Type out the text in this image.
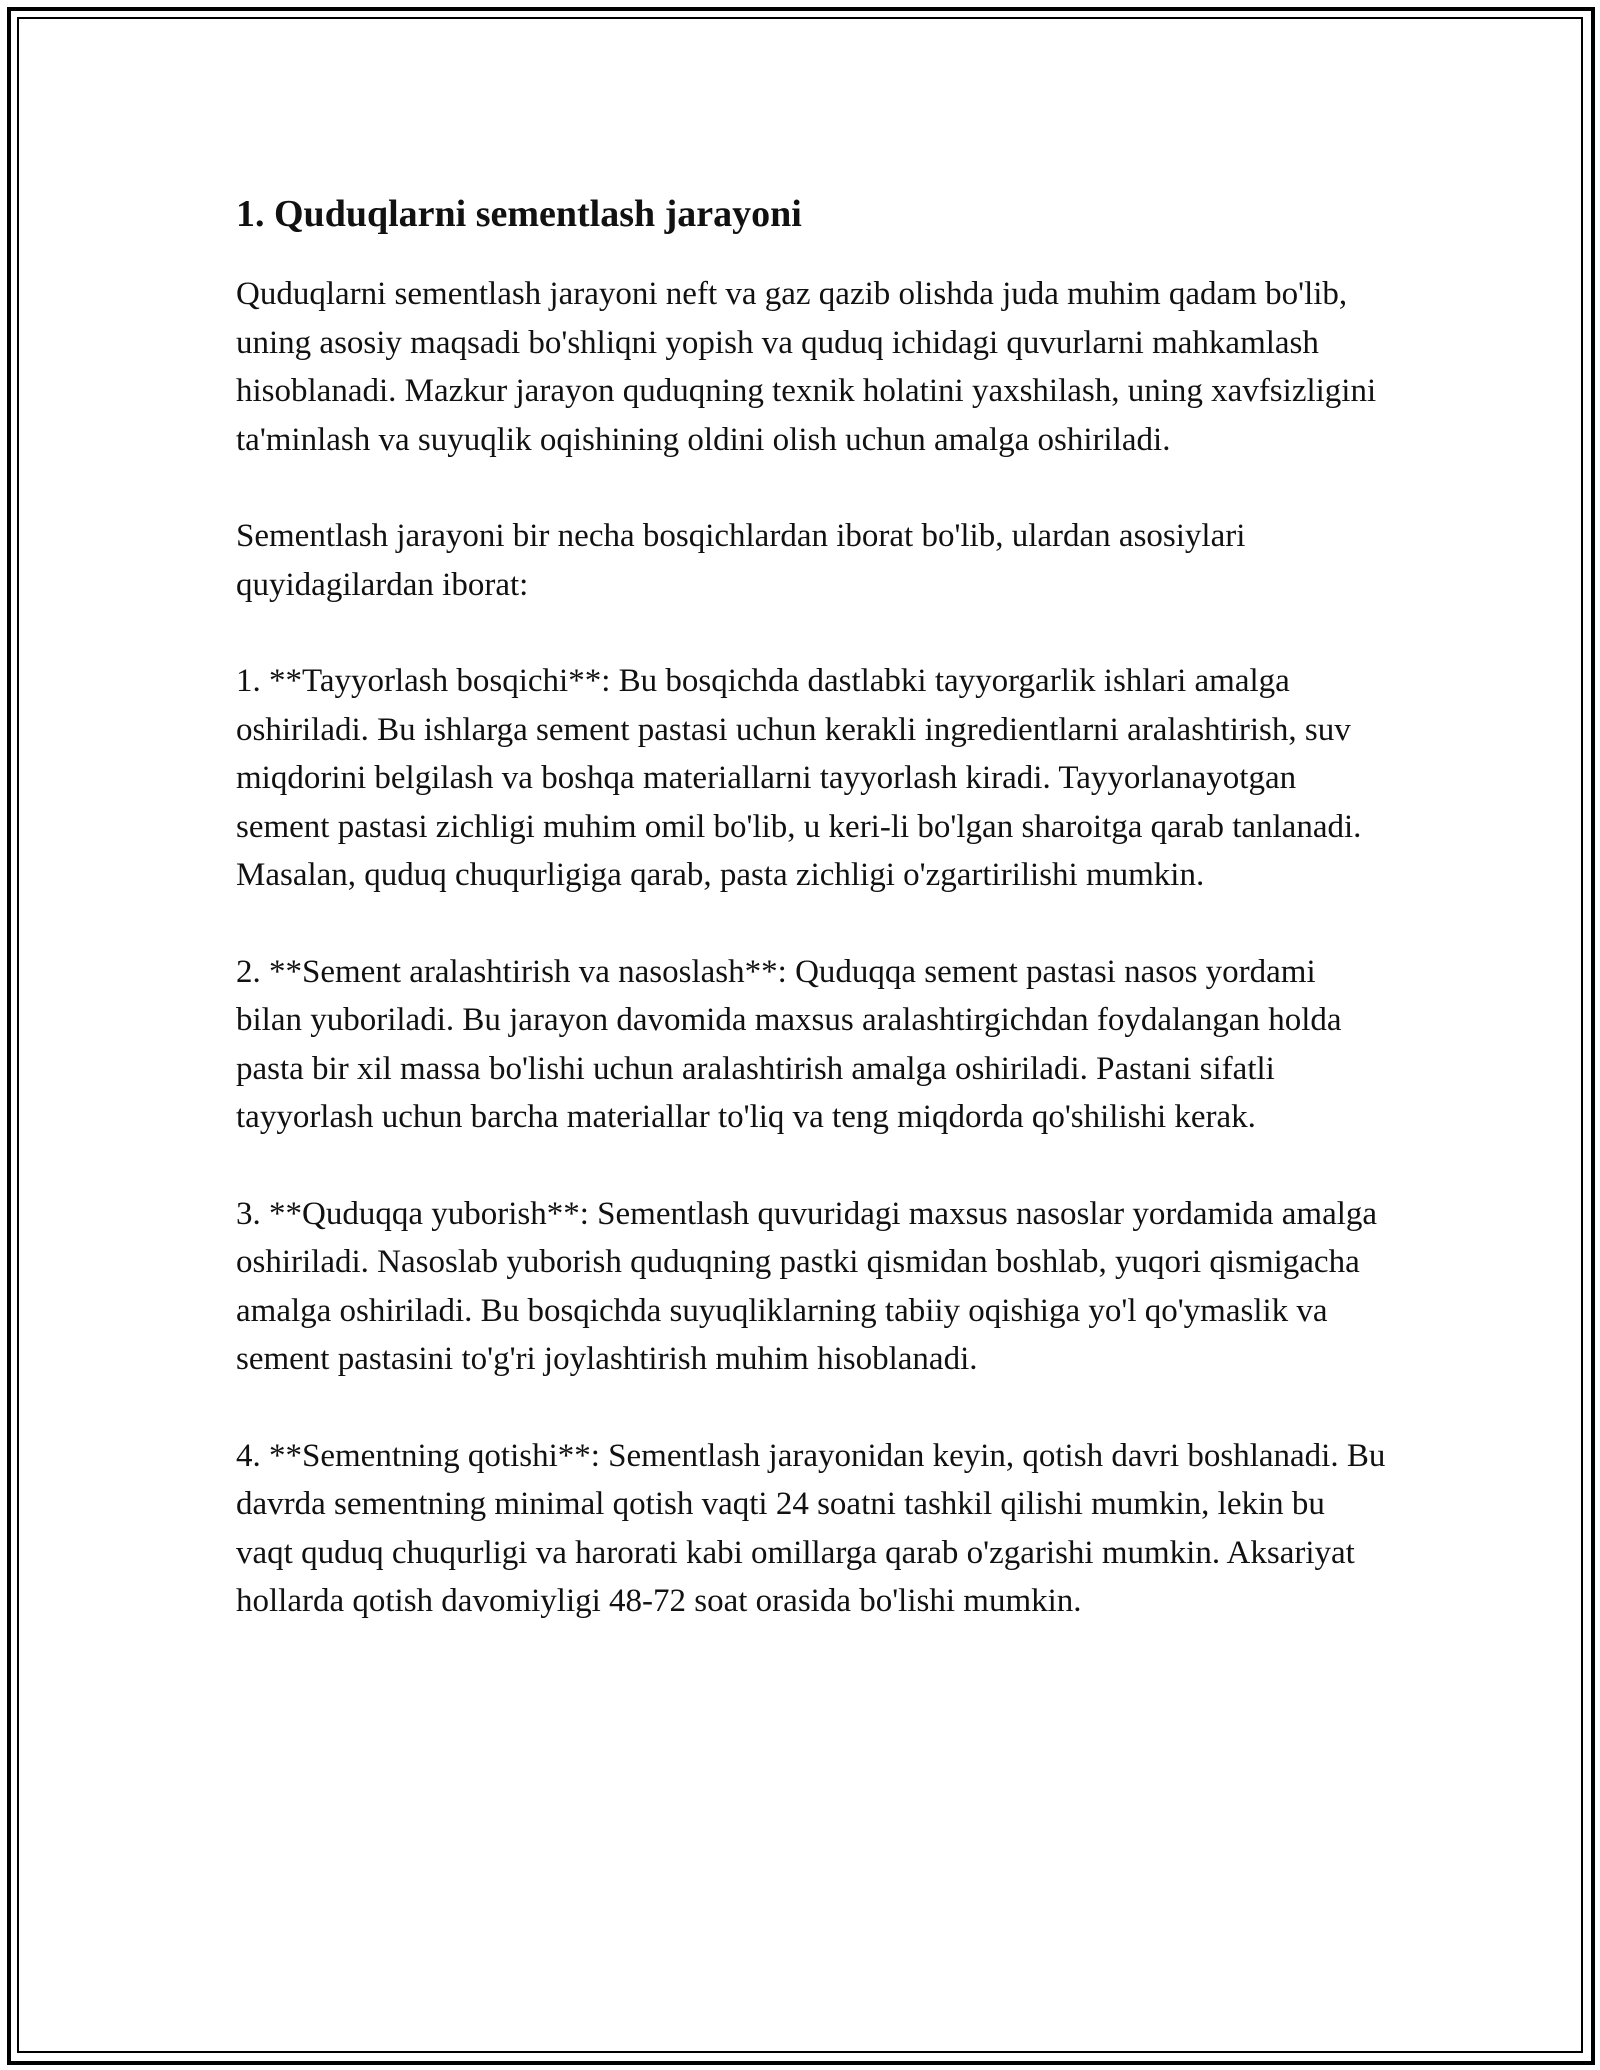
1. Quduqlarni sementlash jarayoni

Quduqlarni sementlash jarayoni neft va gaz qazib olishda juda muhim qadam bo'lib, uning asosiy maqsadi bo'shliqni yopish va quduq ichidagi quvurlarni mahkamlash hisoblanadi. Mazkur jarayon quduqning texnik holatini yaxshilash, uning xavfsizligini ta'minlash va suyuqlik oqishining oldini olish uchun amalga oshiriladi.

Sementlash jarayoni bir necha bosqichlardan iborat bo'lib, ulardan asosiylari quyidagilardan iborat:

1. **Tayyorlash bosqichi**: Bu bosqichda dastlabki tayyorgarlik ishlari amalga oshiriladi. Bu ishlarga sement pastasi uchun kerakli ingredientlarni aralashtirish, suv miqdorini belgilash va boshqa materiallarni tayyorlash kiradi. Tayyorlanayotgan sement pastasi zichligi muhim omil bo'lib, u keri-li bo'lgan sharoitga qarab tanlanadi. Masalan, quduq chuqurligiga qarab, pasta zichligi o'zgartirilishi mumkin.

2. **Sement aralashtirish va nasoslash**: Quduqqa sement pastasi nasos yordami bilan yuboriladi. Bu jarayon davomida maxsus aralashtirgichdan foydalangan holda pasta bir xil massa bo'lishi uchun aralashtirish amalga oshiriladi. Pastani sifatli tayyorlash uchun barcha materiallar to'liq va teng miqdorda qo'shilishi kerak.

3. **Quduqqa yuborish**: Sementlash quvuridagi maxsus nasoslar yordamida amalga oshiriladi. Nasoslab yuborish quduqning pastki qismidan boshlab, yuqori qismigacha amalga oshiriladi. Bu bosqichda suyuqliklarning tabiiy oqishiga yo'l qo'ymaslik va sement pastasini to'g'ri joylashtirish muhim hisoblanadi.

4. **Sementning qotishi**: Sementlash jarayonidan keyin, qotish davri boshlanadi. Bu davrda sementning minimal qotish vaqti 24 soatni tashkil qilishi mumkin, lekin bu vaqt quduq chuqurligi va harorati kabi omillarga qarab o'zgarishi mumkin. Aksariyat hollarda qotish davomiyligi 48-72 soat orasida bo'lishi mumkin.
